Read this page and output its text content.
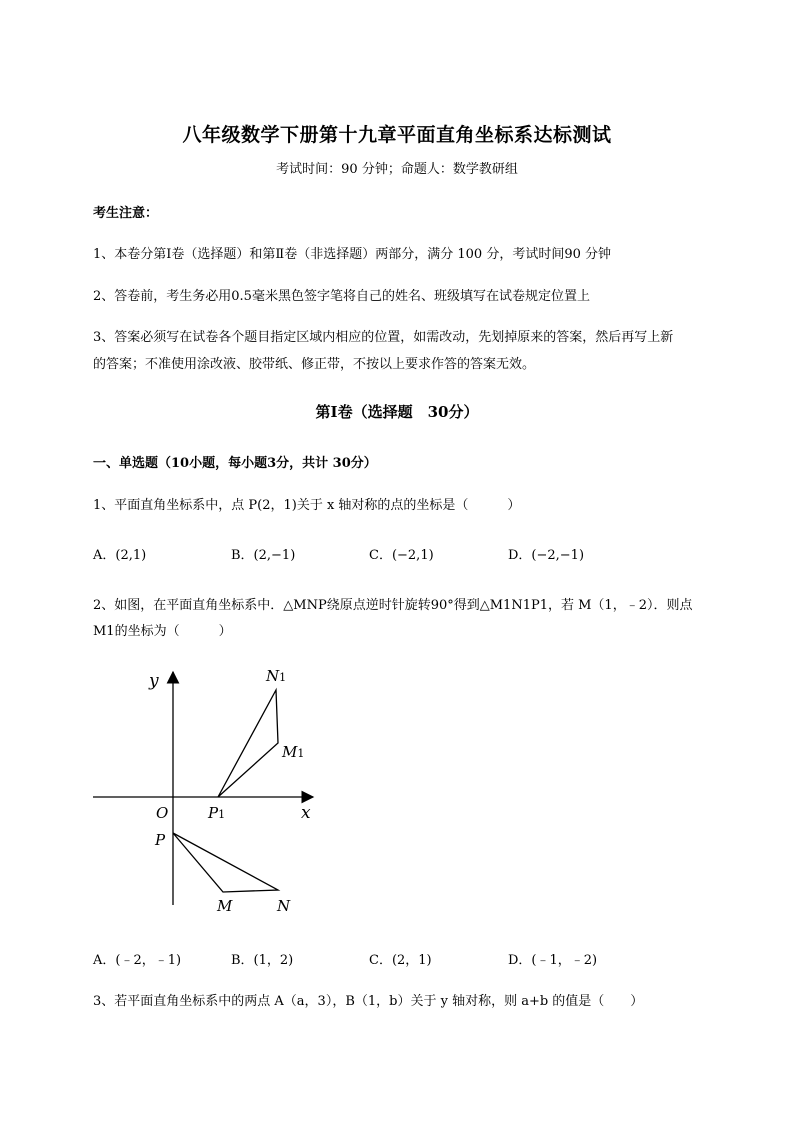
八年级数学下册第十九章平面直角坐标系达标测试
考试时间：90 分钟；命题人：数学教研组
考生注意：
1、本卷分第I卷（选择题）和第Ⅱ卷（非选择题）两部分，满分 100 分，考试时间90 分钟
2、答卷前，考生务必用0.5毫米黑色签字笔将自己的姓名、班级填写在试卷规定位置上
3、答案必须写在试卷各个题目指定区域内相应的位置，如需改动，先划掉原来的答案，然后再写上新
的答案；不准使用涂改液、胶带纸、修正带，不按以上要求作答的答案无效。
第I卷（选择题　30分）
一、单选题（10小题，每小题3分，共计 30分）
1、平面直角坐标系中，点 P(2，1)关于 x 轴对称的点的坐标是（　　　）
A．(2,1)	B．(2,−1)	C．(−2,1)	D．(−2,−1)
2、如图，在平面直角坐标系中．△MNP绕原点逆时针旋转90°得到△M1N1P1，若 M（1，﹣2）．则点
M1的坐标为（　　　）
y
x
O
N1
M1
P1
P
M	N
A．(﹣2，﹣1)	B．(1，2)	C．(2，1)	D．(﹣1，﹣2)
3、若平面直角坐标系中的两点 A（a，3），B（1，b）关于 y 轴对称，则 a+b 的值是（　　）
